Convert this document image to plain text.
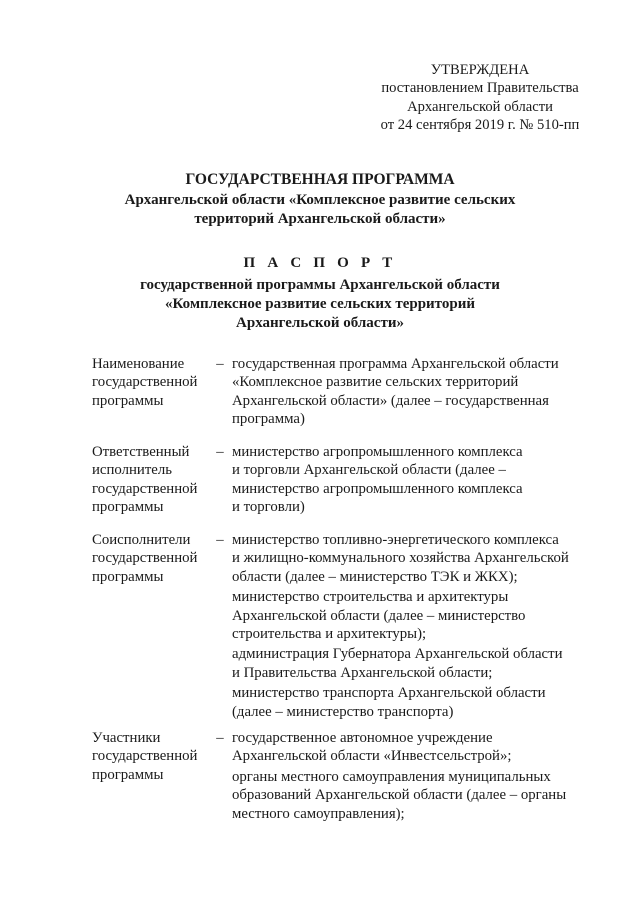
УТВЕРЖДЕНА
постановлением Правительства
Архангельской области
от 24 сентября 2019 г. № 510-пп
ГОСУДАРСТВЕННАЯ ПРОГРАММА
Архангельской области «Комплексное развитие сельских
территорий Архангельской области»
П А С П О Р Т
государственной программы Архангельской области
«Комплексное развитие сельских территорий
Архангельской области»
Наименование
государственной
программы
– государственная программа Архангельской области
«Комплексное развитие сельских территорий
Архангельской области» (далее – государственная
программа)
Ответственный
исполнитель
государственной
программы
– министерство агропромышленного комплекса
и торговли Архангельской области (далее –
министерство агропромышленного комплекса
и торговли)
Соисполнители
государственной
программы
– министерство топливно-энергетического комплекса
и жилищно-коммунального хозяйства Архангельской
области (далее – министерство ТЭК и ЖКХ);
министерство строительства и архитектуры
Архангельской области (далее – министерство
строительства и архитектуры);
администрация Губернатора Архангельской области
и Правительства Архангельской области;
министерство транспорта Архангельской области
(далее – министерство транспорта)
Участники
государственной
программы
– государственное автономное учреждение
Архангельской области «Инвестсельстрой»;
органы местного самоуправления муниципальных
образований Архангельской области (далее – органы
местного самоуправления);
